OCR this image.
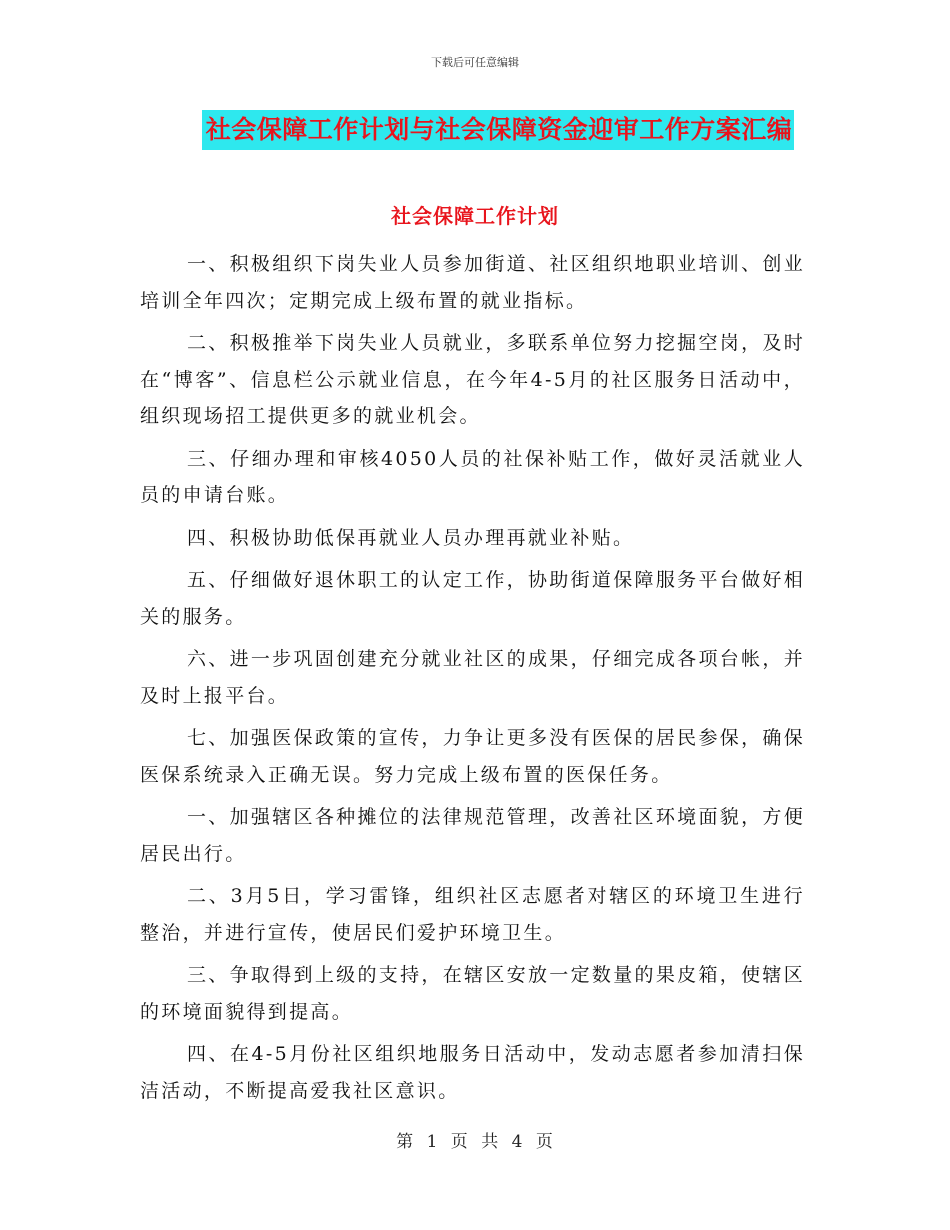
下载后可任意编辑
社会保障工作计划与社会保障资金迎审工作方案汇编
社会保障工作计划

一、积极组织下岗失业人员参加街道、社区组织地职业培训、创业培训全年四次；定期完成上级布置的就业指标。

二、积极推举下岗失业人员就业，多联系单位努力挖掘空岗，及时在“博客”、信息栏公示就业信息，在今年4-5月的社区服务日活动中，组织现场招工提供更多的就业机会。

三、仔细办理和审核4050人员的社保补贴工作，做好灵活就业人员的申请台账。

四、积极协助低保再就业人员办理再就业补贴。

五、仔细做好退休职工的认定工作，协助街道保障服务平台做好相关的服务。

六、进一步巩固创建充分就业社区的成果，仔细完成各项台帐，并及时上报平台。

七、加强医保政策的宣传，力争让更多没有医保的居民参保，确保医保系统录入正确无误。努力完成上级布置的医保任务。

一、加强辖区各种摊位的法律规范管理，改善社区环境面貌，方便居民出行。

二、3月5日，学习雷锋，组织社区志愿者对辖区的环境卫生进行整治，并进行宣传，使居民们爱护环境卫生。

三、争取得到上级的支持，在辖区安放一定数量的果皮箱，使辖区的环境面貌得到提高。

四、在4-5月份社区组织地服务日活动中，发动志愿者参加清扫保洁活动，不断提高爱我社区意识。

第 1 页 共 4 页
